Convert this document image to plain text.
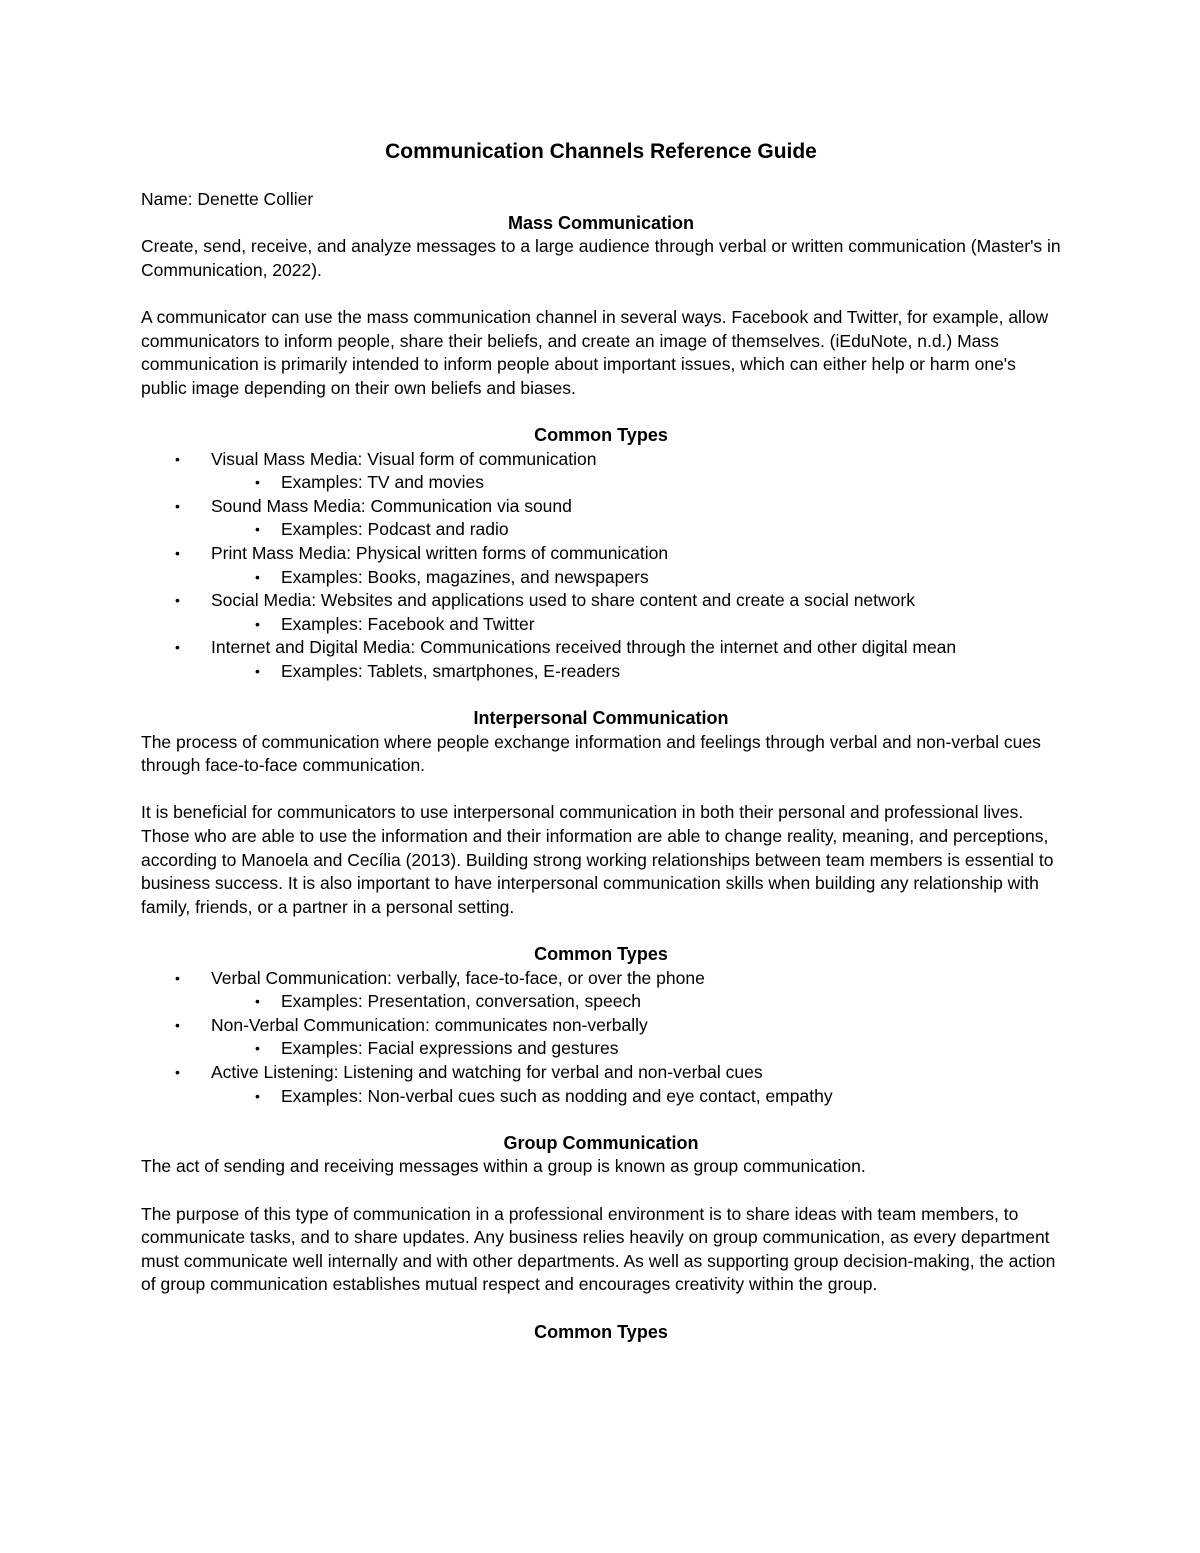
Communication Channels Reference Guide

Name: Denette Collier

Mass Communication

Create, send, receive, and analyze messages to a large audience through verbal or written communication (Master's in Communication, 2022).

A communicator can use the mass communication channel in several ways. Facebook and Twitter, for example, allow communicators to inform people, share their beliefs, and create an image of themselves. (iEduNote, n.d.) Mass communication is primarily intended to inform people about important issues, which can either help or harm one's public image depending on their own beliefs and biases.

Common Types
• Visual Mass Media: Visual form of communication
• Examples: TV and movies
• Sound Mass Media: Communication via sound
• Examples: Podcast and radio
• Print Mass Media: Physical written forms of communication
• Examples: Books, magazines, and newspapers
• Social Media: Websites and applications used to share content and create a social network
• Examples: Facebook and Twitter
• Internet and Digital Media: Communications received through the internet and other digital mean
• Examples: Tablets, smartphones, E-readers
Interpersonal Communication

The process of communication where people exchange information and feelings through verbal and non-verbal cues through face-to-face communication.

It is beneficial for communicators to use interpersonal communication in both their personal and professional lives. Those who are able to use the information and their information are able to change reality, meaning, and perceptions, according to Manoela and Cecília (2013). Building strong working relationships between team members is essential to business success. It is also important to have interpersonal communication skills when building any relationship with family, friends, or a partner in a personal setting.

Common Types
• Verbal Communication: verbally, face-to-face, or over the phone
• Examples: Presentation, conversation, speech
• Non-Verbal Communication: communicates non-verbally
• Examples: Facial expressions and gestures
• Active Listening: Listening and watching for verbal and non-verbal cues
• Examples: Non-verbal cues such as nodding and eye contact, empathy
Group Communication

The act of sending and receiving messages within a group is known as group communication.

The purpose of this type of communication in a professional environment is to share ideas with team members, to communicate tasks, and to share updates. Any business relies heavily on group communication, as every department must communicate well internally and with other departments. As well as supporting group decision-making, the action of group communication establishes mutual respect and encourages creativity within the group.

Common Types
